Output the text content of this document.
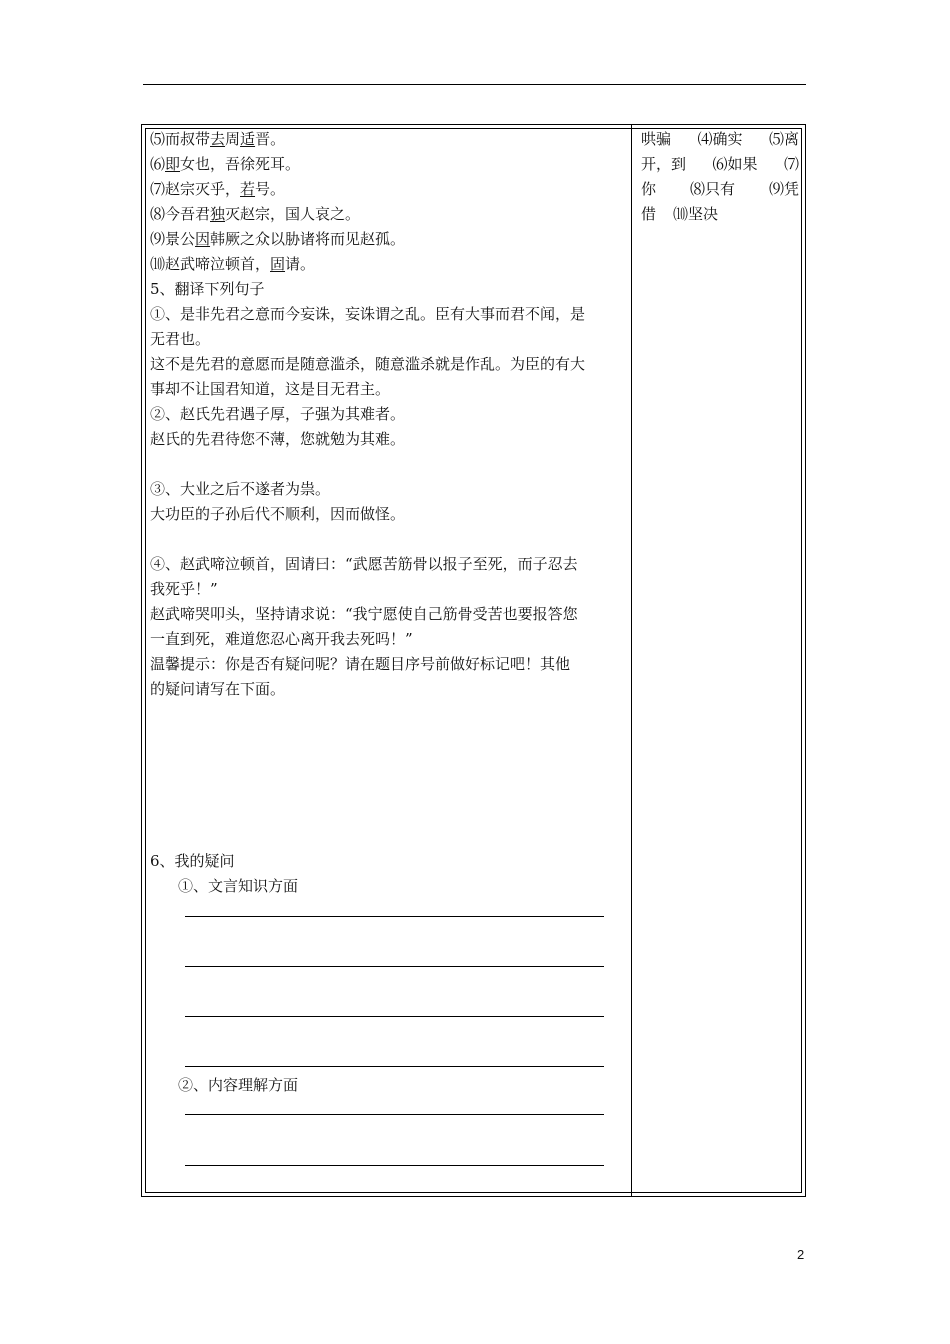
⑸而叔带去周适晋。
⑹即女也，吾徐死耳。
⑺赵宗灭乎，若号。
⑻今吾君独灭赵宗，国人哀之。
⑼景公因韩厥之众以胁诸将而见赵孤。
⑽赵武啼泣顿首，固请。
5、翻译下列句子
①、是非先君之意而今妄诛，妄诛谓之乱。臣有大事而君不闻，是
无君也。
这不是先君的意愿而是随意滥杀，随意滥杀就是作乱。为臣的有大
事却不让国君知道，这是目无君主。
②、赵氏先君遇子厚，子强为其难者。
赵氏的先君待您不薄，您就勉为其难。
③、大业之后不遂者为祟。
大功臣的子孙后代不顺利，因而做怪。
④、赵武啼泣顿首，固请曰：“武愿苦筋骨以报子至死，而子忍去
我死乎！”
赵武啼哭叩头，坚持请求说：“我宁愿使自己筋骨受苦也要报答您
一直到死，难道您忍心离开我去死吗！”
温馨提示：你是否有疑问呢？请在题目序号前做好标记吧！其他
的疑问请写在下面。
6、我的疑问
①、文言知识方面
②、内容理解方面
哄骗 ⑷确实 ⑸离
开，到 ⑹如果 ⑺
你 ⑻只有 ⑼凭
借 ⑽坚决
2
